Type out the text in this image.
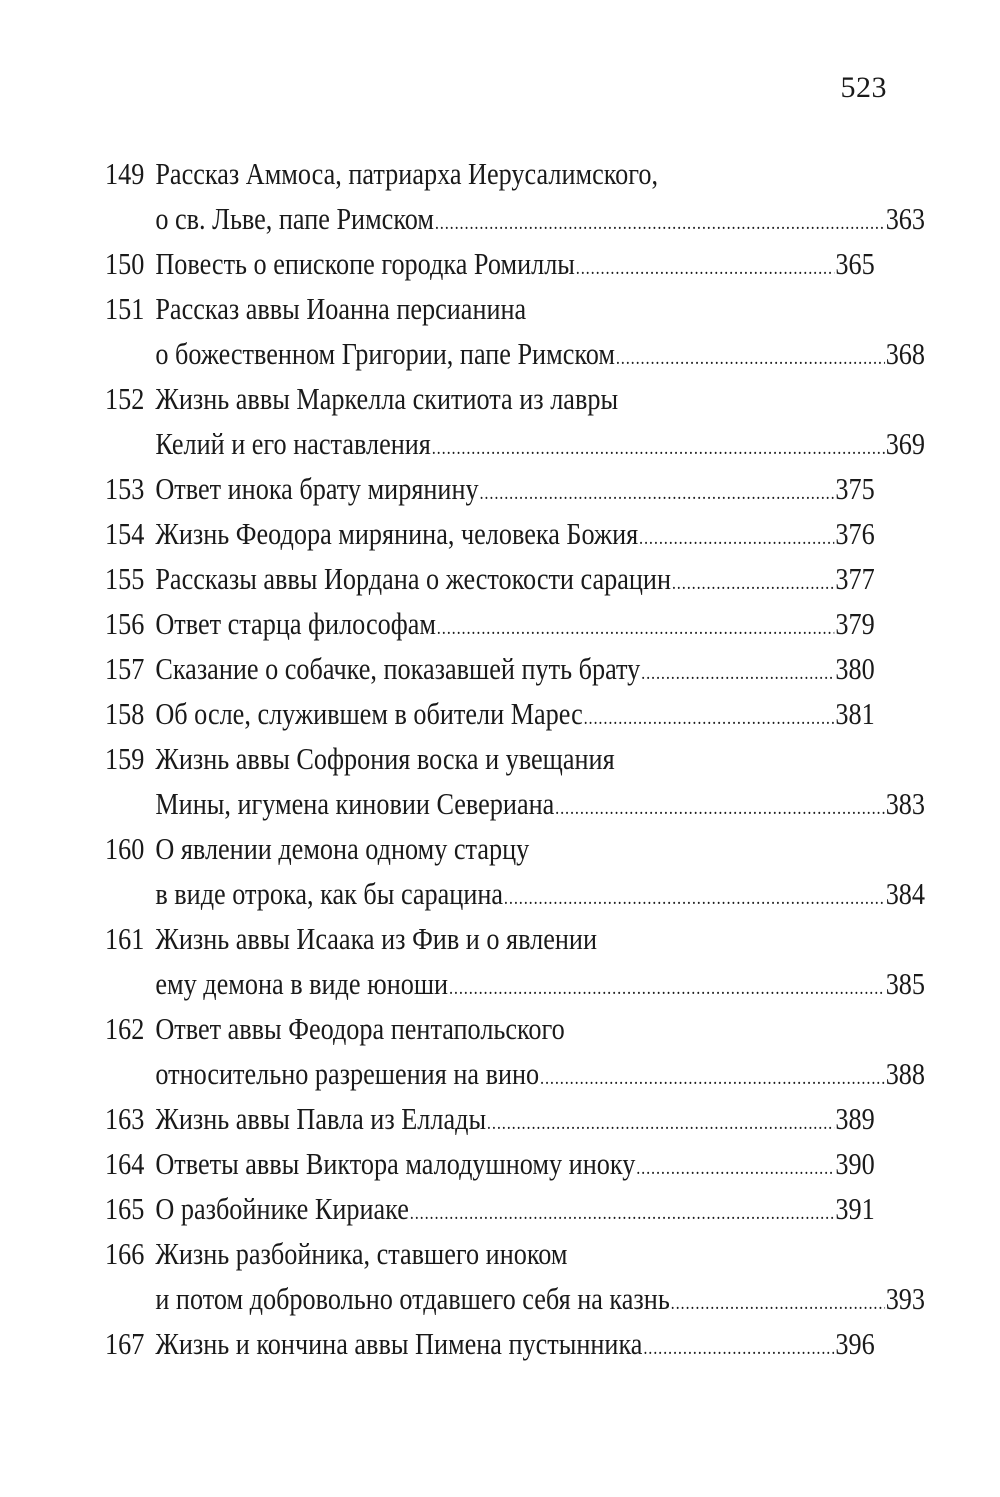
523
149 Рассказ Аммоса, патриарха Иерусалимского,
о св. Льве, папе Римском .....	363
150 Повесть о епископе городка Ромиллы .....	365
151 Рассказ аввы Иоанна персианина
о божественном Григории, папе Римском .....	368
152 Жизнь аввы Маркелла скитиота из лавры
Келий и его наставления .....	369
153 Ответ инока брату мирянину .....	375
154 Жизнь Феодора мирянина, человека Божия .....	376
155 Рассказы аввы Иордана о жестокости сарацин .....	377
156 Ответ старца философам .....	379
157 Сказание о собачке, показавшей путь брату .....	380
158 Об осле, служившем в обители Марес .....	381
159 Жизнь аввы Софрония воска и увещания
Мины, игумена киновии Севериана .....	383
160 О явлении демона одному старцу
в виде отрока, как бы сарацина .....	384
161 Жизнь аввы Исаака из Фив и о явлении
ему демона в виде юноши .....	385
162 Ответ аввы Феодора пентапольского
относительно разрешения на вино .....	388
163 Жизнь аввы Павла из Еллады .....	389
164 Ответы аввы Виктора малодушному иноку .....	390
165 О разбойнике Кириаке .....	391
166 Жизнь разбойника, ставшего иноком
и потом добровольно отдавшего себя на казнь .....	393
167 Жизнь и кончина аввы Пимена пустынника .....	396
